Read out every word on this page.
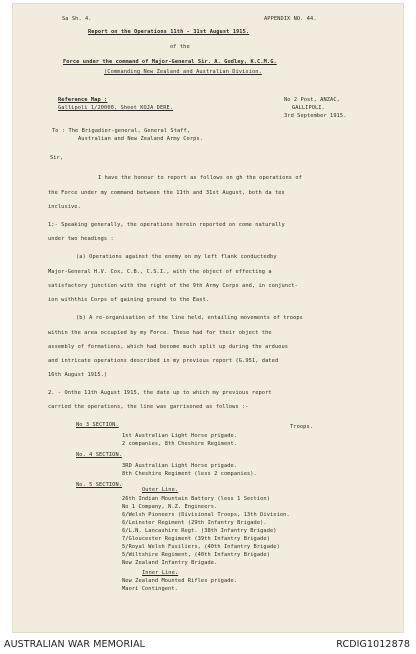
Sa Sh. 4.	APPENDIX NO. 44.
Report on the Operations 11th - 31st August 1915.
of the
Force under the command of Major-General Sir. A. Godley, K.C.M.G.
(Commanding New Zealand and Australian Division.
Reference Map :
Gallipoli 1/20000, Sheet KOJA DERE.
No 2 Post, ANZAC,
GALLIPOLI.
3rd September 1915.
To : The Brigadier-general, General Staff,
Australian and New Zealand Army Corps.
Sir,
I have the honour to report as follows on gh the operations of
the Force under my command between the 11th and 31st August, both da tes
inclusive.
1;- Speaking generally, the operations herein reported on come naturally
under two headings :
(a) Operations against the enemy on my left flank conductedby
Major-General H.V. Cox, C.B., C.S.I., with the object of effecting a
satisfactory junction with the right of the 9th Army Corps and, in conjunct-
ion withthis Corps of gaining ground to the East.
(b) A re-organisation of the line held, entailing movements of troops
within the area occupied by my Force. These had for their object the
assembly of formations, which had become much split up during the arduous
and intricate operations described in my previous report (G.951, dated
16th August 1915.)
2. - Onthe 11th August 1915, the date up to which my previous report
carried the operations, the line was garrisoned as follows :-
No 3 SECTION.	Troops.
1st Australian Light Horse prigade.
2 companies, 8th Cheshire Regiment.
No. 4 SECTION.
3RD Australian Light Horse prigade.
8th Cheshire Regiment (less 2 companies).
No. 5 SECTION.
Outer Line.
26th Indian Mountain Battery (less 1 Section)
No 1 Company, N.Z. Engineers.
6/Welsh Pioneers (Divisional Troops, 13th Division.
6/Leinster Regiment (29th Infantry Brigade).
6/L.N. Lancashire Regt. (38th Infantry Brigade)
7/Gloucester Regiment (39th Infantry Brigade)
5/Royal Welsh Fusiliers, (40th Infantry Brigade)
5/Wiltshire Regiment, (40th Infantry Brigade)
New Zealand Infantry Brigade.
Inner Line.
New Zealand Mounted Rifles prigade.
Maori Contingent.
AUSTRALIAN WAR MEMORIAL	RCDIG1012878
